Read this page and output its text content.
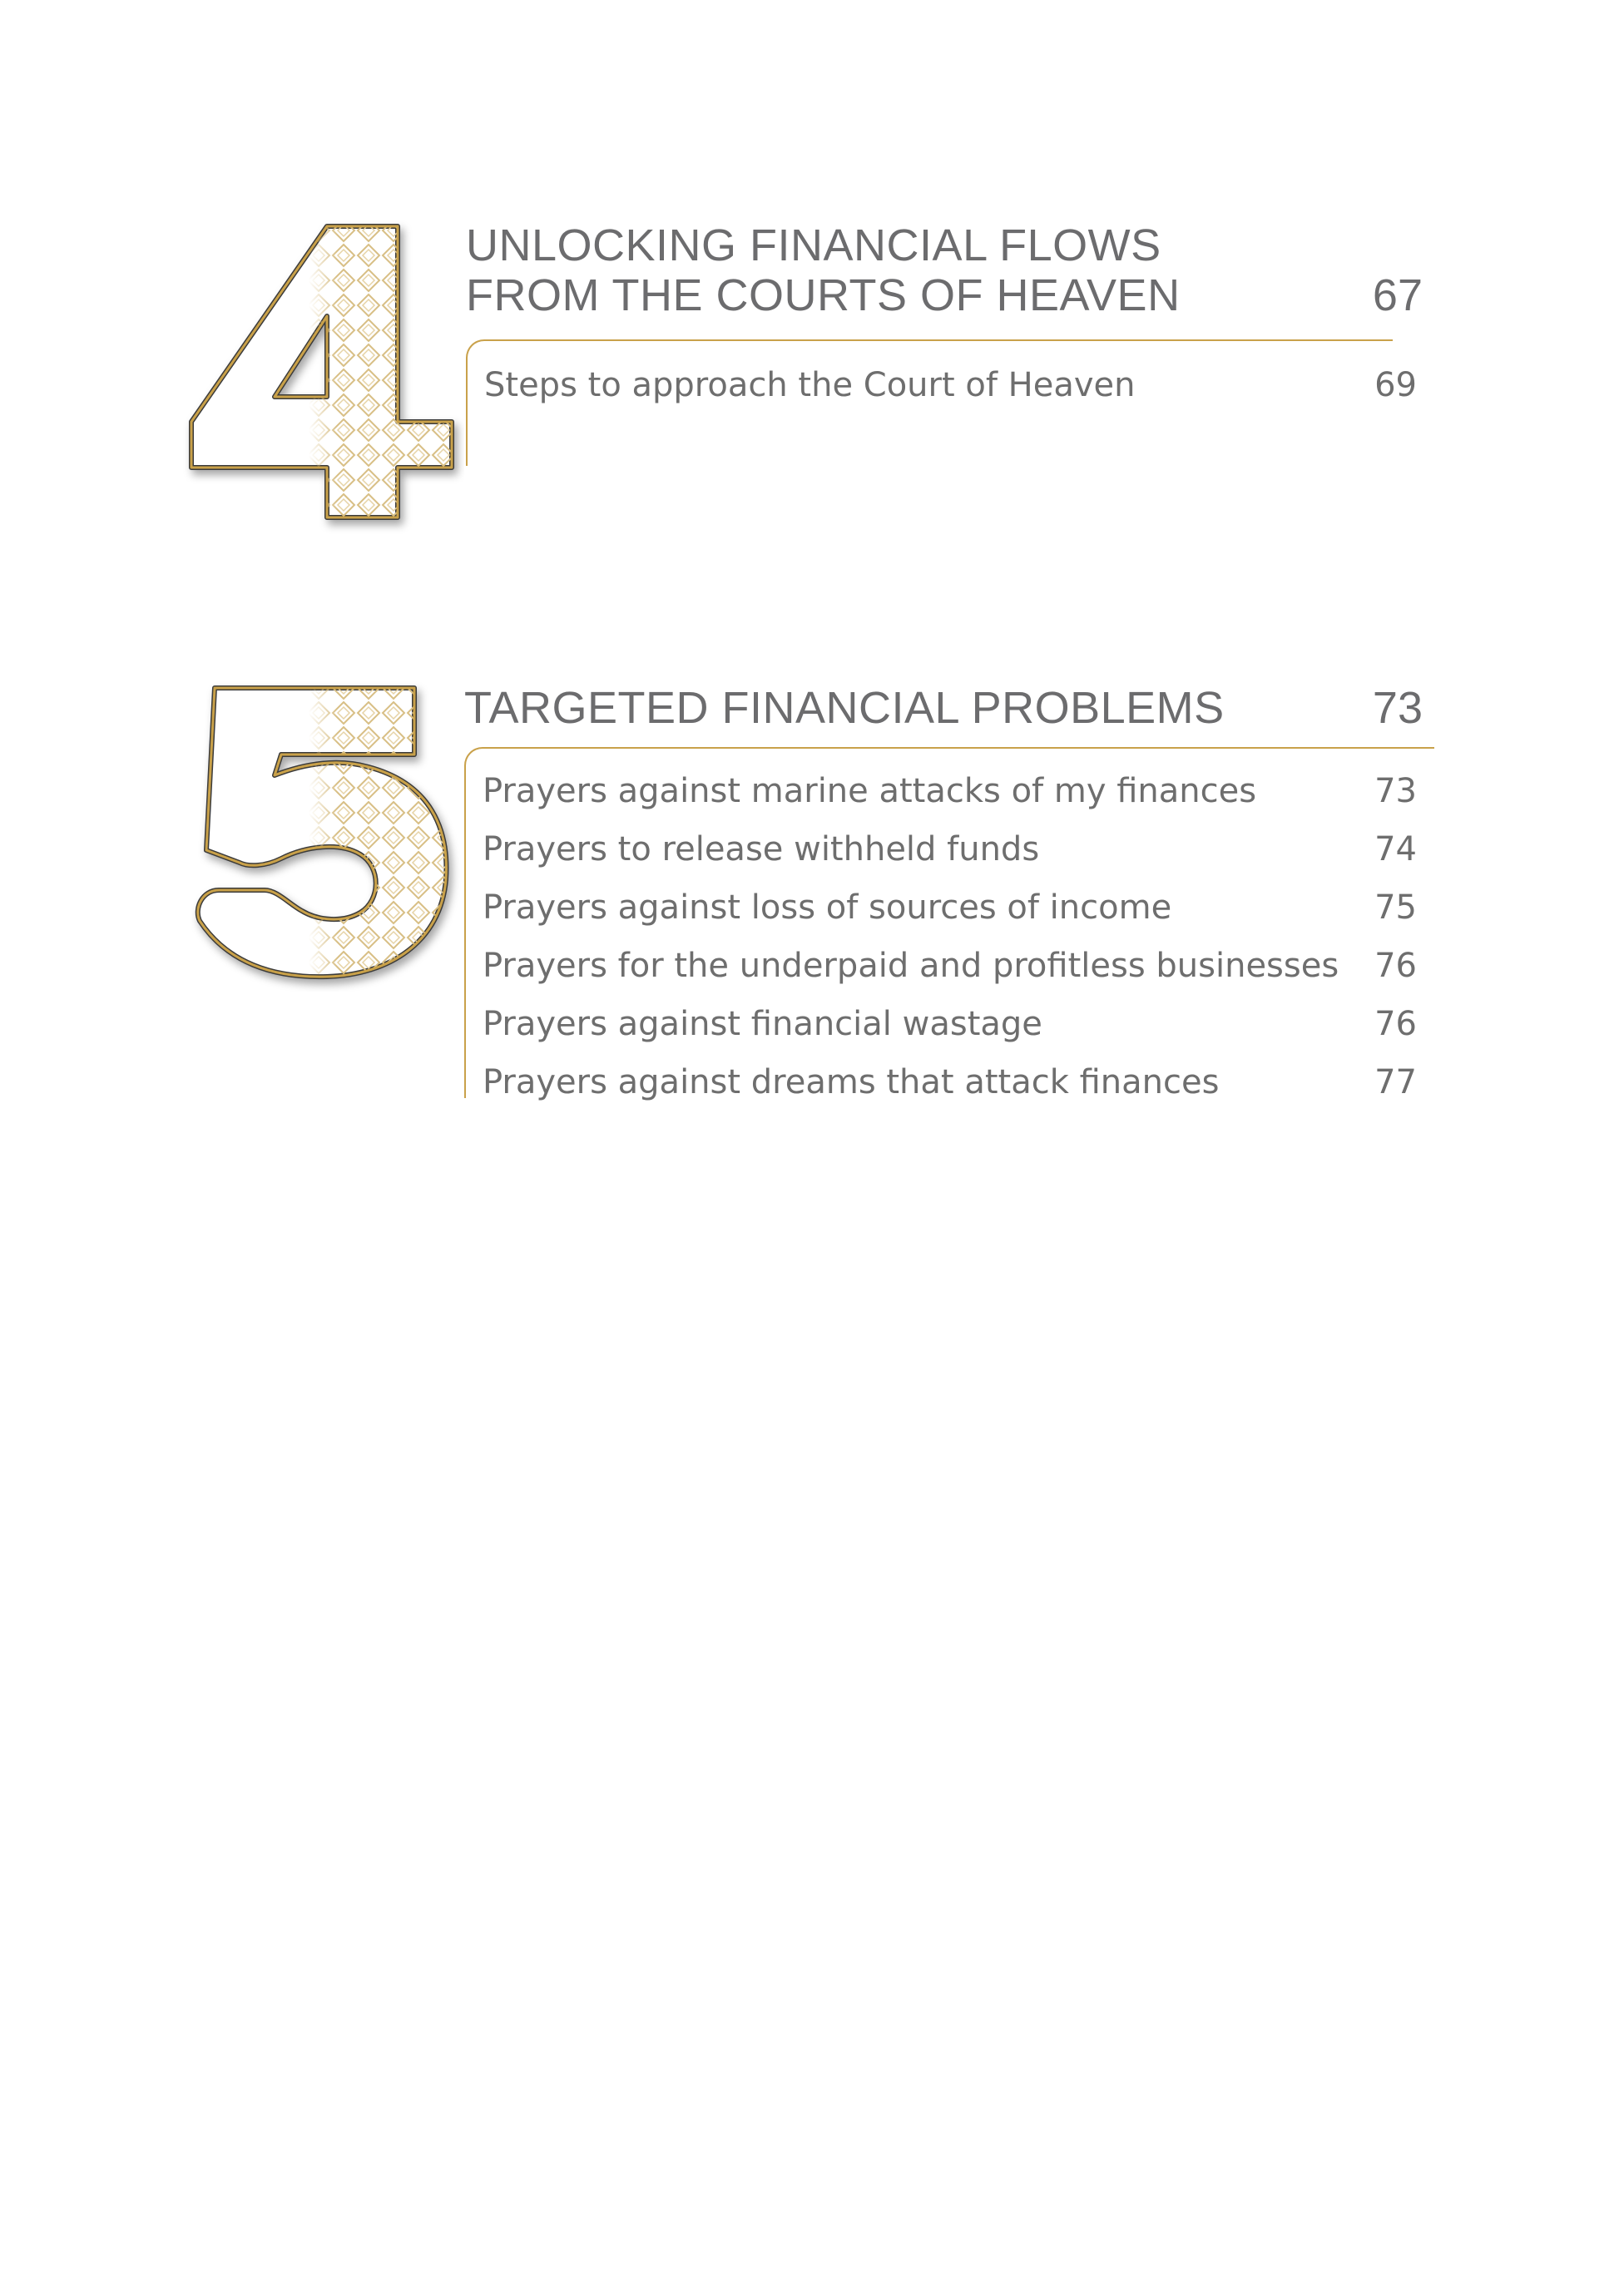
UNLOCKING FINANCIAL FLOWS
FROM THE COURTS OF HEAVEN	67
Steps to approach the Court of Heaven	69
TARGETED FINANCIAL PROBLEMS	73
Prayers against marine attacks of my finances	73
Prayers to release withheld funds	74
Prayers against loss of sources of income	75
Prayers for the underpaid and profitless businesses	76
Prayers against financial wastage	76
Prayers against dreams that attack finances	77
